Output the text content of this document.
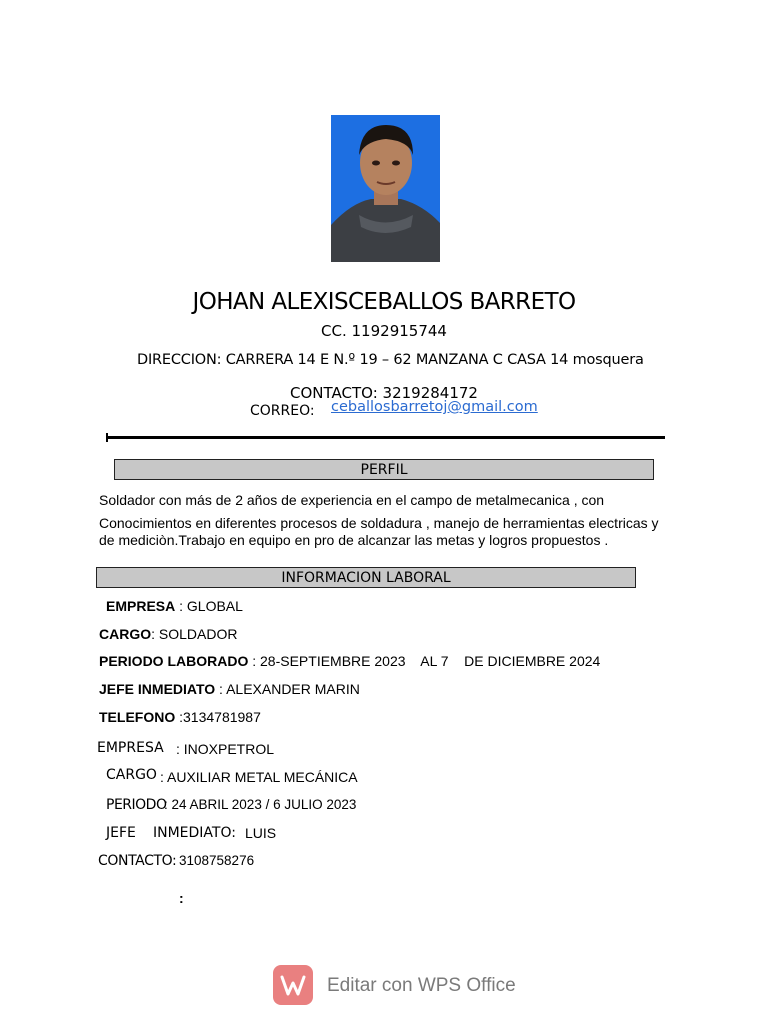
JOHAN ALEXISCEBALLOS BARRETO
CC. 1192915744
DIRECCION: CARRERA 14 E N.º 19 – 62 MANZANA C CASA 14 mosquera
CONTACTO: 3219284172
CORREO: ceballosbarretoj@gmail.com
PERFIL
Soldador con más de 2 años de experiencia en el campo de metalmecanica , con
Conocimientos en diferentes procesos de soldadura , manejo de herramientas electricas y
de mediciòn.Trabajo en equipo en pro de alcanzar las metas y logros propuestos .
INFORMACION LABORAL
EMPRESA : GLOBAL
CARGO: SOLDADOR
PERIODO LABORADO : 28-SEPTIEMBRE 2023    AL 7    DE DICIEMBRE 2024
JEFE INMEDIATO : ALEXANDER MARIN
TELEFONO :3134781987
EMPRESA : INOXPETROL
CARGO : AUXILIAR METAL MECÁNICA
PERIODO
: 24 ABRIL 2023 / 6 JULIO 2023
JEFE INMEDIATO: LUIS
CONTACTO: 3108758276
:
Editar con WPS Office
